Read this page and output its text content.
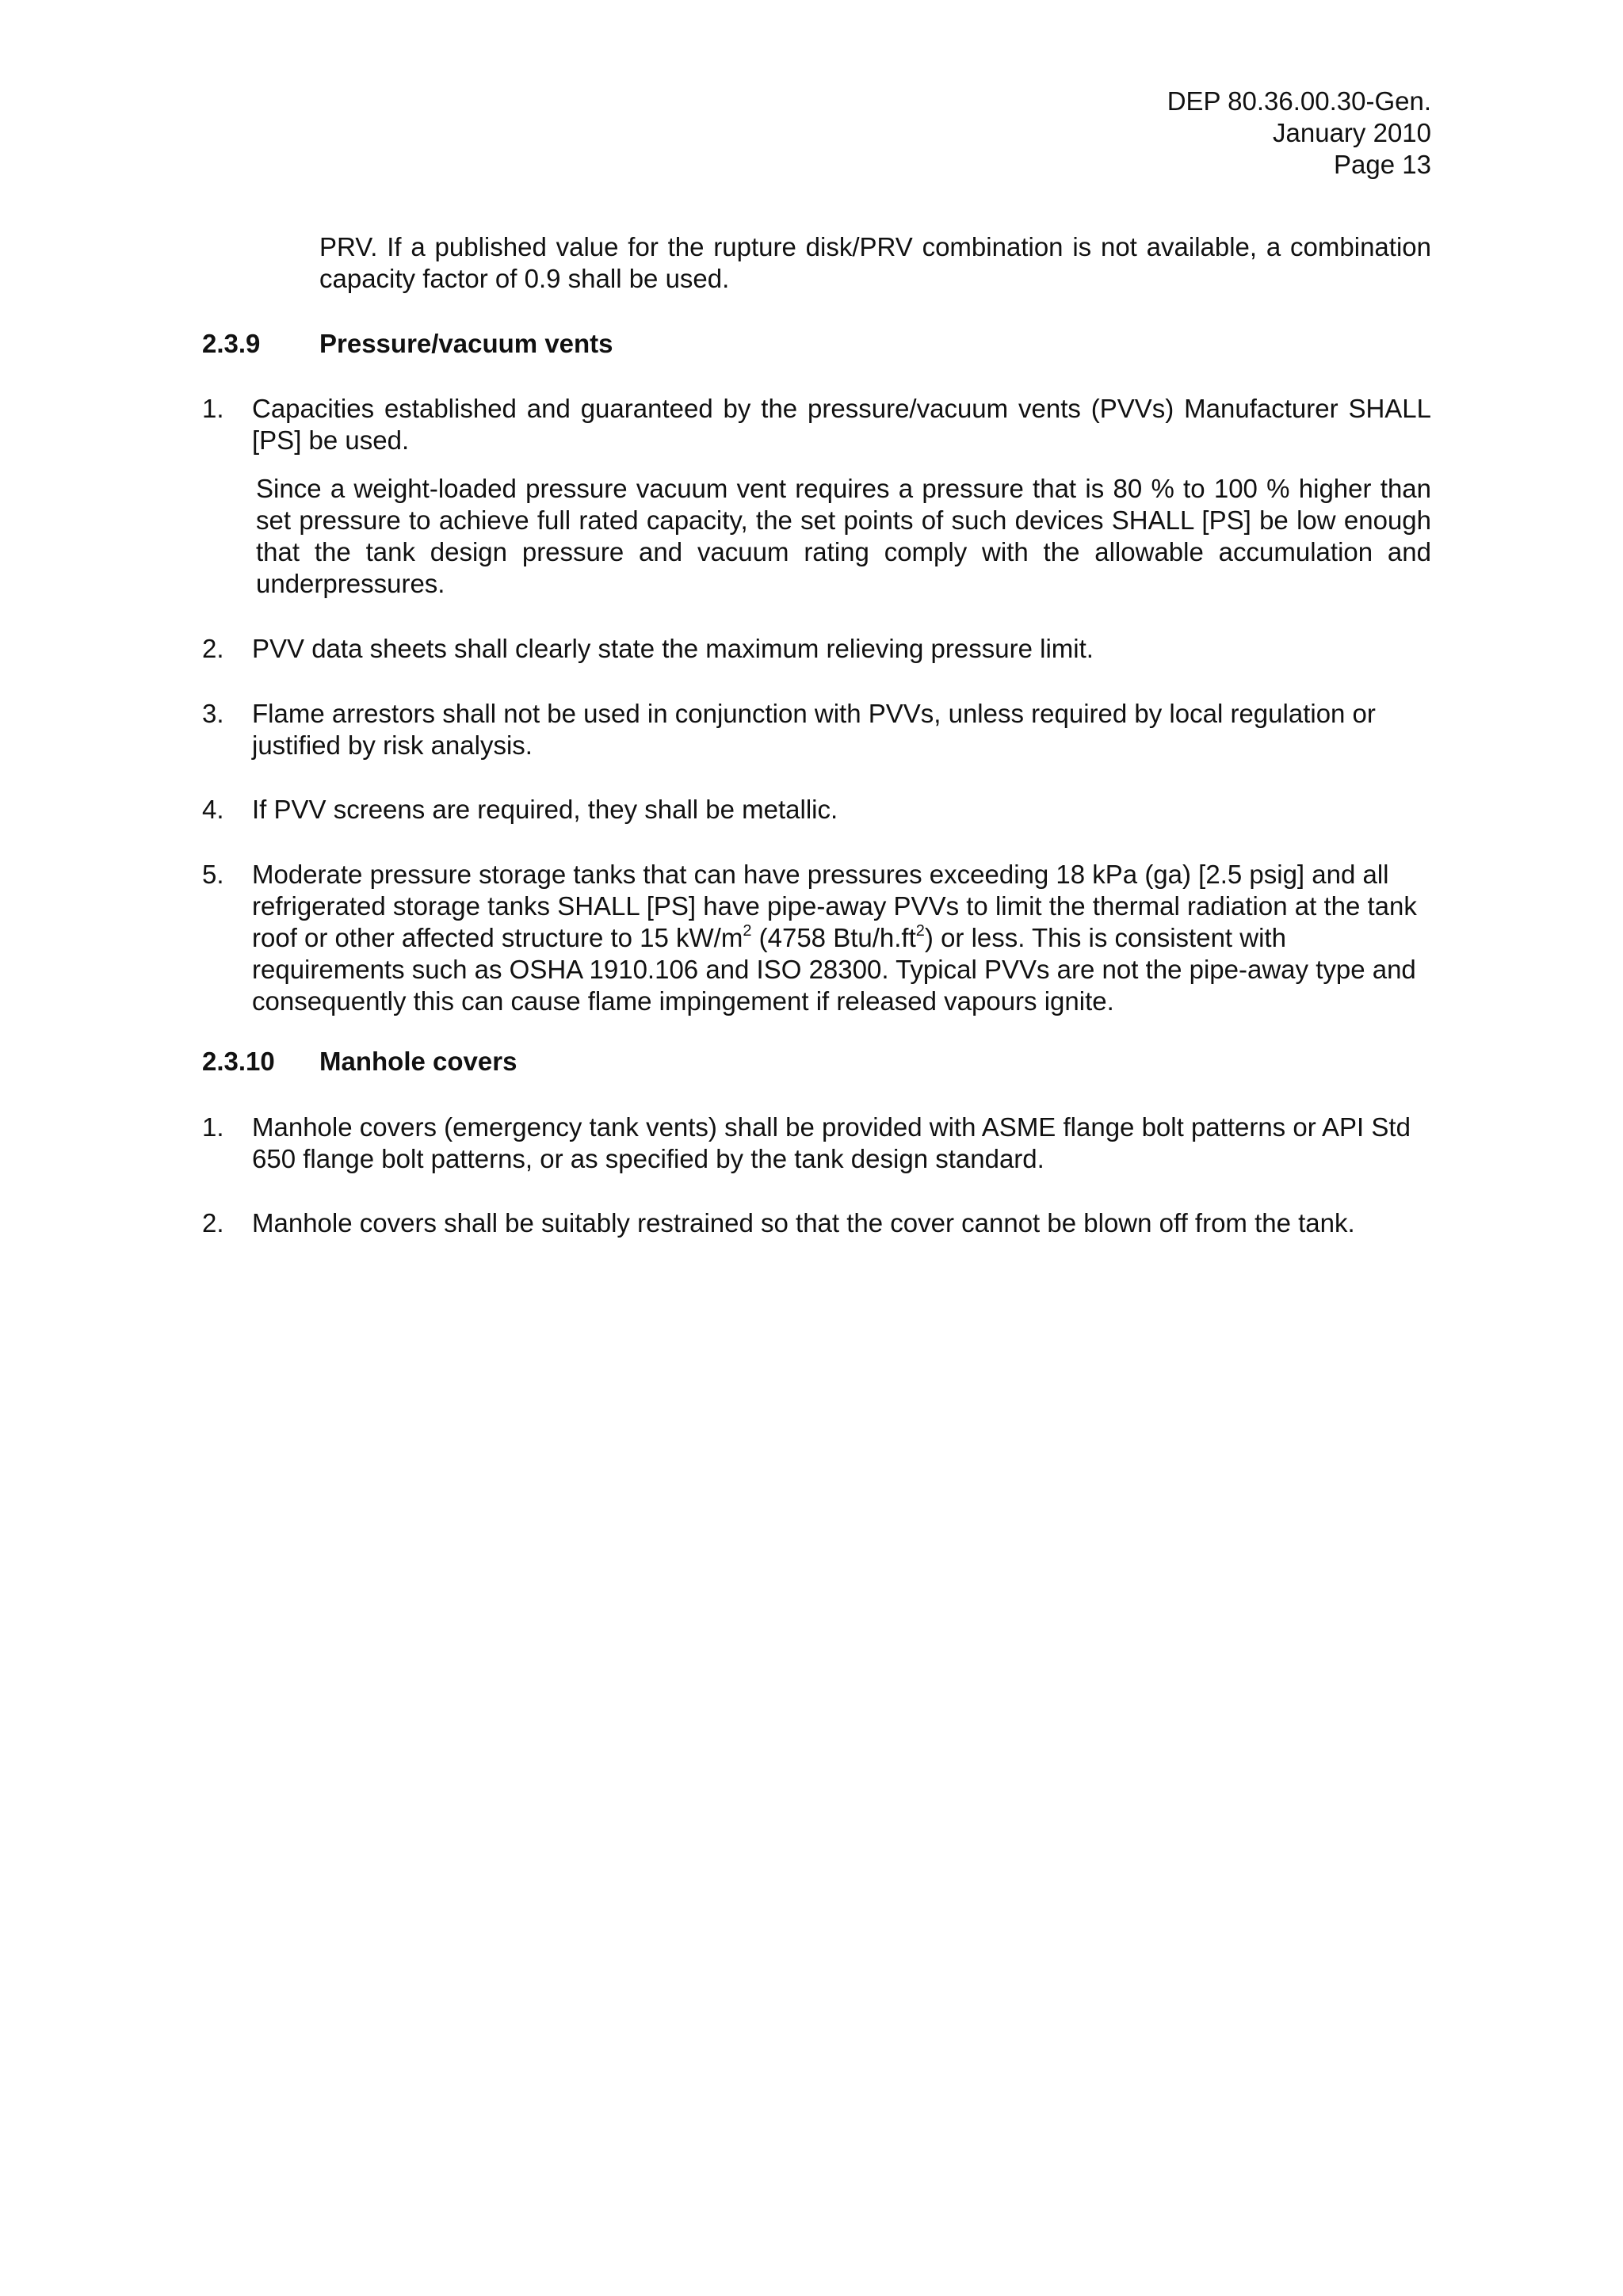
DEP 80.36.00.30-Gen.
January 2010
Page 13
PRV. If a published value for the rupture disk/PRV combination is not available, a combination capacity factor of 0.9 shall be used.
2.3.9 Pressure/vacuum vents
1. Capacities established and guaranteed by the pressure/vacuum vents (PVVs) Manufacturer SHALL [PS] be used.
Since a weight-loaded pressure vacuum vent requires a pressure that is 80 % to 100 % higher than set pressure to achieve full rated capacity, the set points of such devices SHALL [PS] be low enough that the tank design pressure and vacuum rating comply with the allowable accumulation and underpressures.
2. PVV data sheets shall clearly state the maximum relieving pressure limit.
3. Flame arrestors shall not be used in conjunction with PVVs, unless required by local regulation or justified by risk analysis.
4. If PVV screens are required, they shall be metallic.
5. Moderate pressure storage tanks that can have pressures exceeding 18 kPa (ga) [2.5 psig] and all refrigerated storage tanks SHALL [PS] have pipe-away PVVs to limit the thermal radiation at the tank roof or other affected structure to 15 $kW/m^2$ (4758 Btu/$h.ft^2$) or less. This is consistent with requirements such as OSHA 1910.106 and ISO 28300. Typical PVVs are not the pipe-away type and consequently this can cause flame impingement if released vapours ignite.
2.3.10 Manhole covers
1. Manhole covers (emergency tank vents) shall be provided with ASME flange bolt patterns or API Std 650 flange bolt patterns, or as specified by the tank design standard.
2. Manhole covers shall be suitably restrained so that the cover cannot be blown off from the tank.
